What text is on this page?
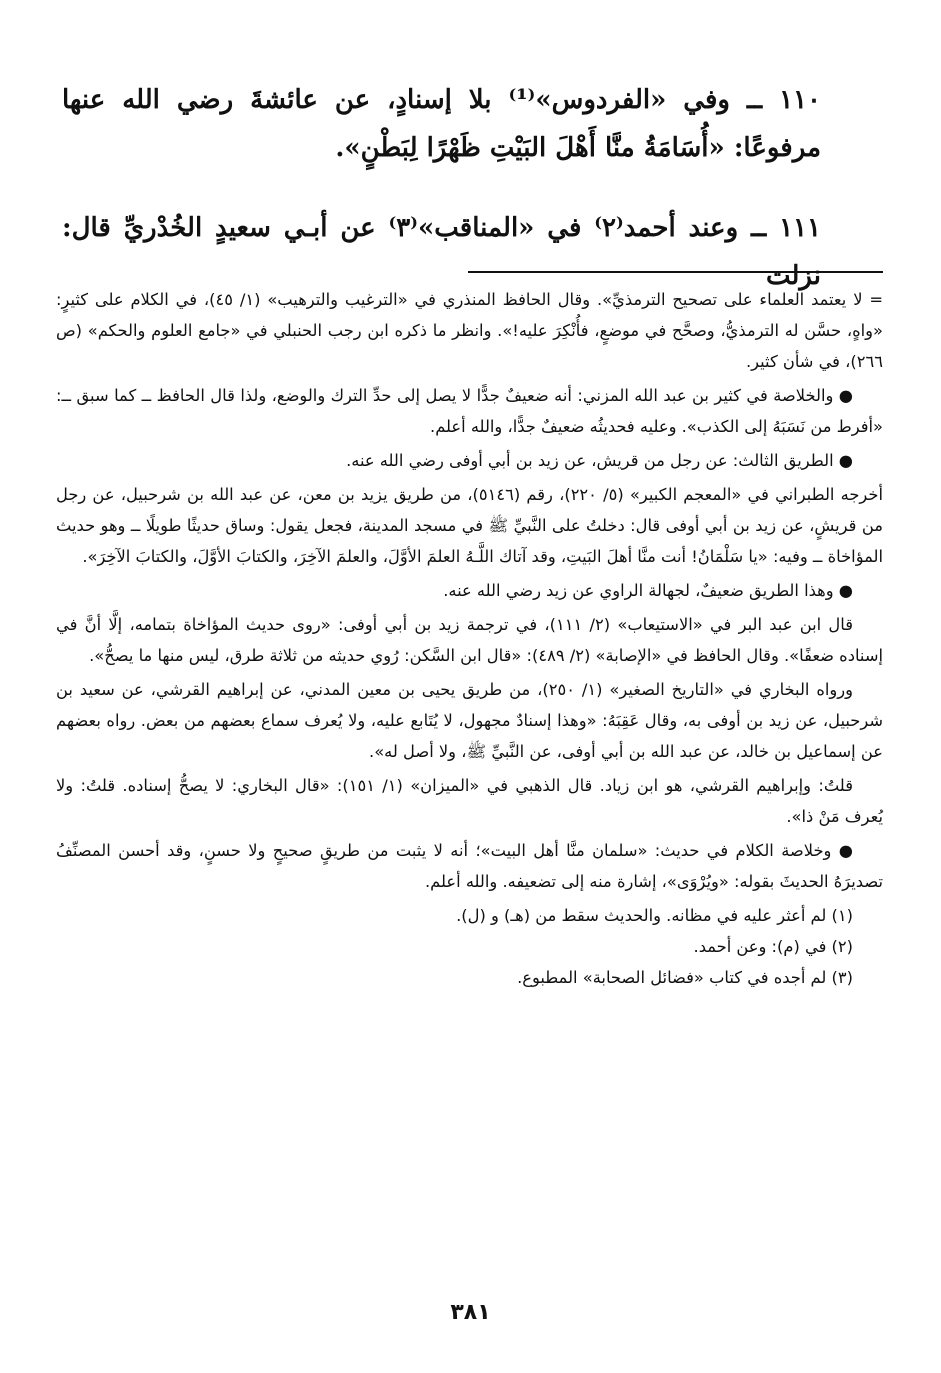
١١٠ ــ وفي «الفردوس»⁽¹⁾ بلا إسنادٍ، عن عائشةَ رضي الله عنها مرفوعًا: «أُسَامَةُ منَّا أَهْلَ البَيْتِ ظَهْرًا لِبَطْنٍ».

١١١ ــ وعند أحمد⁽٢⁾ في «المناقب»⁽٣⁾ عن أبـي سعيدٍ الخُدْريِّ قال: نزلت

= لا يعتمد العلماء على تصحيح الترمذيِّ». وقال الحافظ المنذري في «الترغيب والترهيب» (١/ ٤٥)، في الكلام على كثيرٍ: «واهٍ، حسَّن له الترمذيُّ، وصحَّح في موضعٍ، فأُنْكِرَ عليه!». وانظر ما ذكره ابن رجب الحنبلي في «جامع العلوم والحكم» (ص ٢٦٦)، في شأن كثير.

● والخلاصة في كثير بن عبد الله المزني: أنه ضعيفٌ جدًّا لا يصل إلى حدِّ الترك والوضع، ولذا قال الحافظ ــ كما سبق ــ: «أفرط من نَسَبَهُ إلى الكذب». وعليه فحديثُه ضعيفٌ جدًّا، والله أعلم.

● الطريق الثالث: عن رجل من قريش، عن زيد بن أبي أوفى رضي الله عنه.

أخرجه الطبراني في «المعجم الكبير» (٥/ ٢٢٠)، رقم (٥١٤٦)، من طريق يزيد بن معن، عن عبد الله بن شرحبيل، عن رجل من قريشٍ، عن زيد بن أبي أوفى قال: دخلتُ على النَّبيِّ ﷺ في مسجد المدينة، فجعل يقول: وساق حديثًا طويلًا ــ وهو حديث المؤاخاة ــ وفيه: «يا سَلْمَانُ! أنت منَّا أهلَ البَيتِ، وقد آتاك اللَّـهُ العلمَ الأوَّلَ، والعلمَ الآخِرَ، والكتابَ الأوَّلَ، والكتابَ الآخِرَ».

● وهذا الطريق ضعيفٌ، لجهالة الراوي عن زيد رضي الله عنه.

قال ابن عبد البر في «الاستيعاب» (٢/ ١١١)، في ترجمة زيد بن أبي أوفى: «روى حديث المؤاخاة بتمامه، إلَّا أنَّ في إسناده ضعفًا». وقال الحافظ في «الإصابة» (٢/ ٤٨٩): «قال ابن السَّكن: رُوي حديثه من ثلاثة طرق، ليس منها ما يصحُّ».

ورواه البخاري في «التاريخ الصغير» (١/ ٢٥٠)، من طريق يحيى بن معين المدني، عن إبراهيم القرشي، عن سعيد بن شرحبيل، عن زيد بن أوفى به، وقال عَقِبَهُ: «وهذا إسنادٌ مجهول، لا يُتَابع عليه، ولا يُعرف سماع بعضهم من بعض. رواه بعضهم عن إسماعيل بن خالد، عن عبد الله بن أبي أوفى، عن النَّبيِّ ﷺ، ولا أصل له».

قلتُ: وإبراهيم القرشي، هو ابن زياد. قال الذهبي في «الميزان» (١/ ١٥١): «قال البخاري: لا يصحُّ إسناده. قلتُ: ولا يُعرف مَنْ ذا».

● وخلاصة الكلام في حديث: «سلمان منَّا أهل البيت»؛ أنه لا يثبت من طريقٍ صحيحٍ ولا حسنٍ، وقد أحسن المصنِّفُ تصديرَهُ الحديثَ بقوله: «ويُرْوَى»، إشارة منه إلى تضعيفه. والله أعلم.

(١) لم أعثر عليه في مظانه. والحديث سقط من (هـ) و (ل).

(٢) في (م): وعن أحمد.

(٣) لم أجده في كتاب «فضائل الصحابة» المطبوع.

٣٨١
